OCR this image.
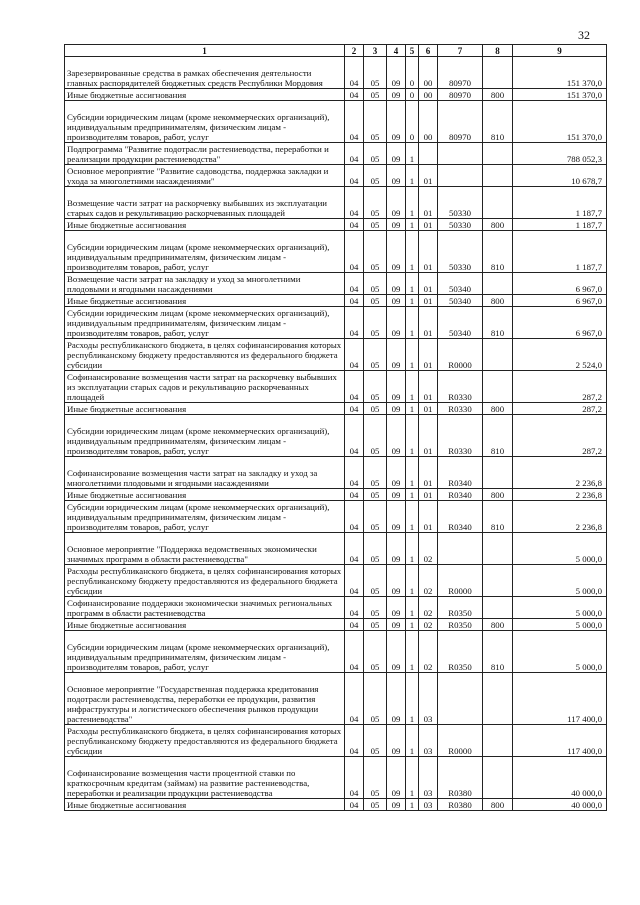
32
1	2	3	4	5	6	7	8	9
Зарезервированные средства в рамках обеспечения деятельности главных распорядителей бюджетных средств Республики Мордовия	04	05	09	0	00	80970		151 370,0
Иные бюджетные ассигнования	04	05	09	0	00	80970	800	151 370,0
Субсидии юридическим лицам (кроме некоммерческих организаций), индивидуальным предпринимателям, физическим лицам - производителям товаров, работ, услуг	04	05	09	0	00	80970	810	151 370,0
Подпрограмма "Развитие подотрасли растениеводства, переработки и реализации продукции растениеводства"	04	05	09	1				788 052,3
Основное мероприятие "Развитие садоводства, поддержка закладки и ухода за многолетними насаждениями"	04	05	09	1	01			10 678,7
Возмещение части затрат на раскорчевку выбывших из эксплуатации старых садов и рекультивацию раскорчеванных площадей	04	05	09	1	01	50330		1 187,7
Иные бюджетные ассигнования	04	05	09	1	01	50330	800	1 187,7
Субсидии юридическим лицам (кроме некоммерческих организаций), индивидуальным предпринимателям, физическим лицам - производителям товаров, работ, услуг	04	05	09	1	01	50330	810	1 187,7
Возмещение части затрат на закладку и уход за многолетними плодовыми и ягодными насаждениями	04	05	09	1	01	50340		6 967,0
Иные бюджетные ассигнования	04	05	09	1	01	50340	800	6 967,0
Субсидии юридическим лицам (кроме некоммерческих организаций), индивидуальным предпринимателям, физическим лицам - производителям товаров, работ, услуг	04	05	09	1	01	50340	810	6 967,0
Расходы республиканского бюджета, в целях софинансирования которых республиканскому бюджету предоставляются из федерального бюджета субсидии	04	05	09	1	01	R0000		2 524,0
Софинансирование возмещения части затрат на раскорчевку выбывших из эксплуатации старых садов и рекультивацию раскорчеванных площадей	04	05	09	1	01	R0330		287,2
Иные бюджетные ассигнования	04	05	09	1	01	R0330	800	287,2
Субсидии юридическим лицам (кроме некоммерческих организаций), индивидуальным предпринимателям, физическим лицам - производителям товаров, работ, услуг	04	05	09	1	01	R0330	810	287,2
Софинансирование возмещения части затрат на закладку и уход за многолетними плодовыми и ягодными насаждениями	04	05	09	1	01	R0340		2 236,8
Иные бюджетные ассигнования	04	05	09	1	01	R0340	800	2 236,8
Субсидии юридическим лицам (кроме некоммерческих организаций), индивидуальным предпринимателям, физическим лицам - производителям товаров, работ, услуг	04	05	09	1	01	R0340	810	2 236,8
Основное мероприятие "Поддержка ведомственных экономически значимых программ в области растениеводства"	04	05	09	1	02			5 000,0
Расходы республиканского бюджета, в целях софинансирования которых республиканскому бюджету предоставляются из федерального бюджета субсидии	04	05	09	1	02	R0000		5 000,0
Софинансирование поддержки экономически значимых региональных программ в области растениеводства	04	05	09	1	02	R0350		5 000,0
Иные бюджетные ассигнования	04	05	09	1	02	R0350	800	5 000,0
Субсидии юридическим лицам (кроме некоммерческих организаций), индивидуальным предпринимателям, физическим лицам - производителям товаров, работ, услуг	04	05	09	1	02	R0350	810	5 000,0
Основное мероприятие "Государственная поддержка кредитования подотрасли растениеводства, переработки ее продукции, развития инфраструктуры и логистического обеспечения рынков продукции растениеводства"	04	05	09	1	03			117 400,0
Расходы республиканского бюджета, в целях софинансирования которых республиканскому бюджету предоставляются из федерального бюджета субсидии	04	05	09	1	03	R0000		117 400,0
Софинансирование возмещения части процентной ставки по краткосрочным кредитам (займам) на развитие растениеводства, переработки и реализации продукции растениеводства	04	05	09	1	03	R0380		40 000,0
Иные бюджетные ассигнования	04	05	09	1	03	R0380	800	40 000,0
